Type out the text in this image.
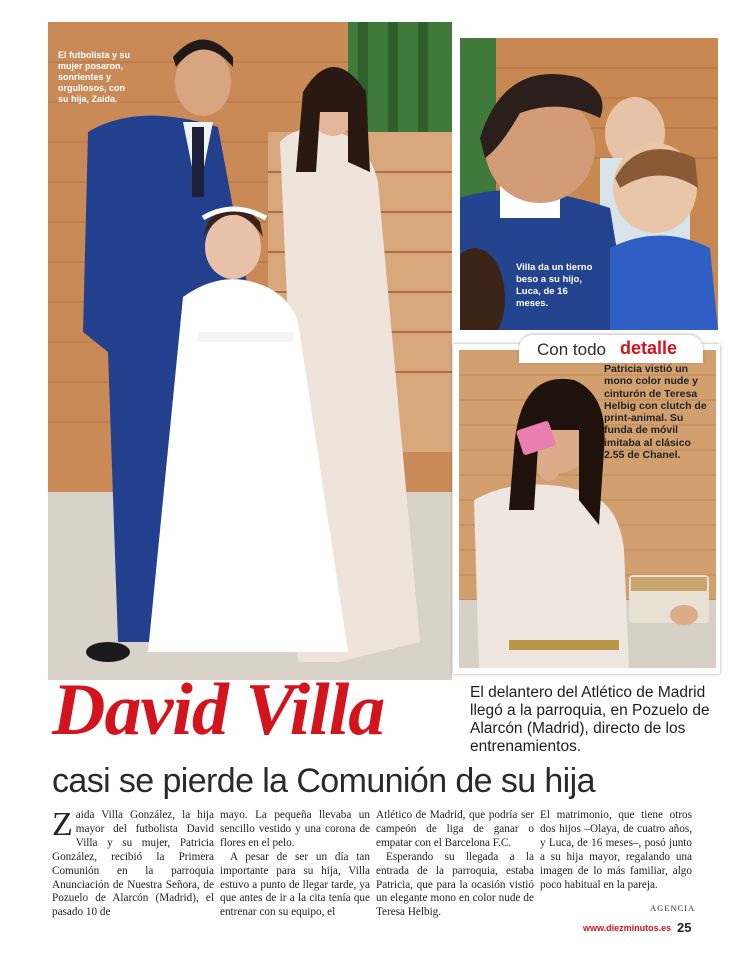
El futbolista y su mujer posaron, sonrientes y orgullosos, con su hija, Zaida.
Villa da un tierno beso a su hijo, Luca, de 16 meses.
Con todo detalle
Patricia vistió un mono color nude y cinturón de Teresa Helbig con clutch de print-animal. Su funda de móvil imitaba al clásico 2.55 de Chanel.
David Villa	El delantero del Atlético de Madrid llegó a la parroquia, en Pozuelo de Alarcón (Madrid), directo de los entrenamientos.
casi se pierde la Comunión de su hija

Zaida Villa González, la hija mayor del futbolista David Villa y su mujer, Patricia González, recibió la Primera Comunión en la parroquia Anunciación de Nuestra Señora, de Pozuelo de Alarcón (Madrid), el pasado 10 de

mayo. La pequeña llevaba un sencillo vestido y una corona de flores en el pelo.

A pesar de ser un día tan importante para su hija, Villa estuvo a punto de llegar tarde, ya que antes de ir a la cita tenía que entrenar con su equipo, el

Atlético de Madrid, que podría ser campeón de liga de ganar o empatar con el Barcelona F.C.

Esperando su llegada a la entrada de la parroquia, estaba Patricia, que para la ocasión vistió un elegante mono en color nude de Teresa Helbig.

El matrimonio, que tiene otros dos hijos –Olaya, de cuatro años, y Luca, de 16 meses–, posó junto a su hija mayor, regalando una imagen de lo más familiar, algo poco habitual en la pareja.

AGENCIA
www.diezminutos.es 25
